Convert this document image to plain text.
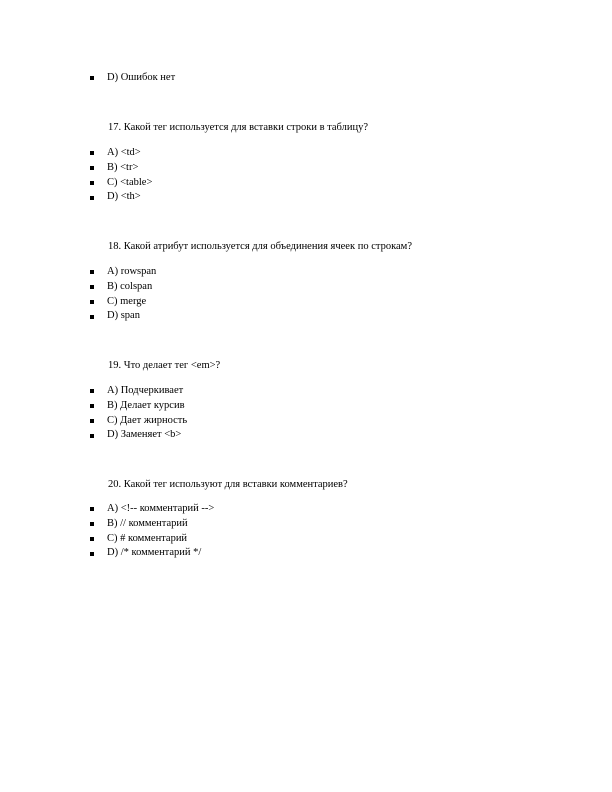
D) Ошибок нет

17. Какой тег используется для вставки строки в таблицу?

A) <td>
B) <tr>
C) <table>
D) <th>

18. Какой атрибут используется для объединения ячеек по строкам?

A) rowspan
B) colspan
C) merge
D) span

19. Что делает тег <em>?

A) Подчеркивает
B) Делает курсив
C) Дает жирность
D) Заменяет <b>

20. Какой тег используют для вставки комментариев?

A) <!-- комментарий -->
B) // комментарий
C) # комментарий
D) /* комментарий */
